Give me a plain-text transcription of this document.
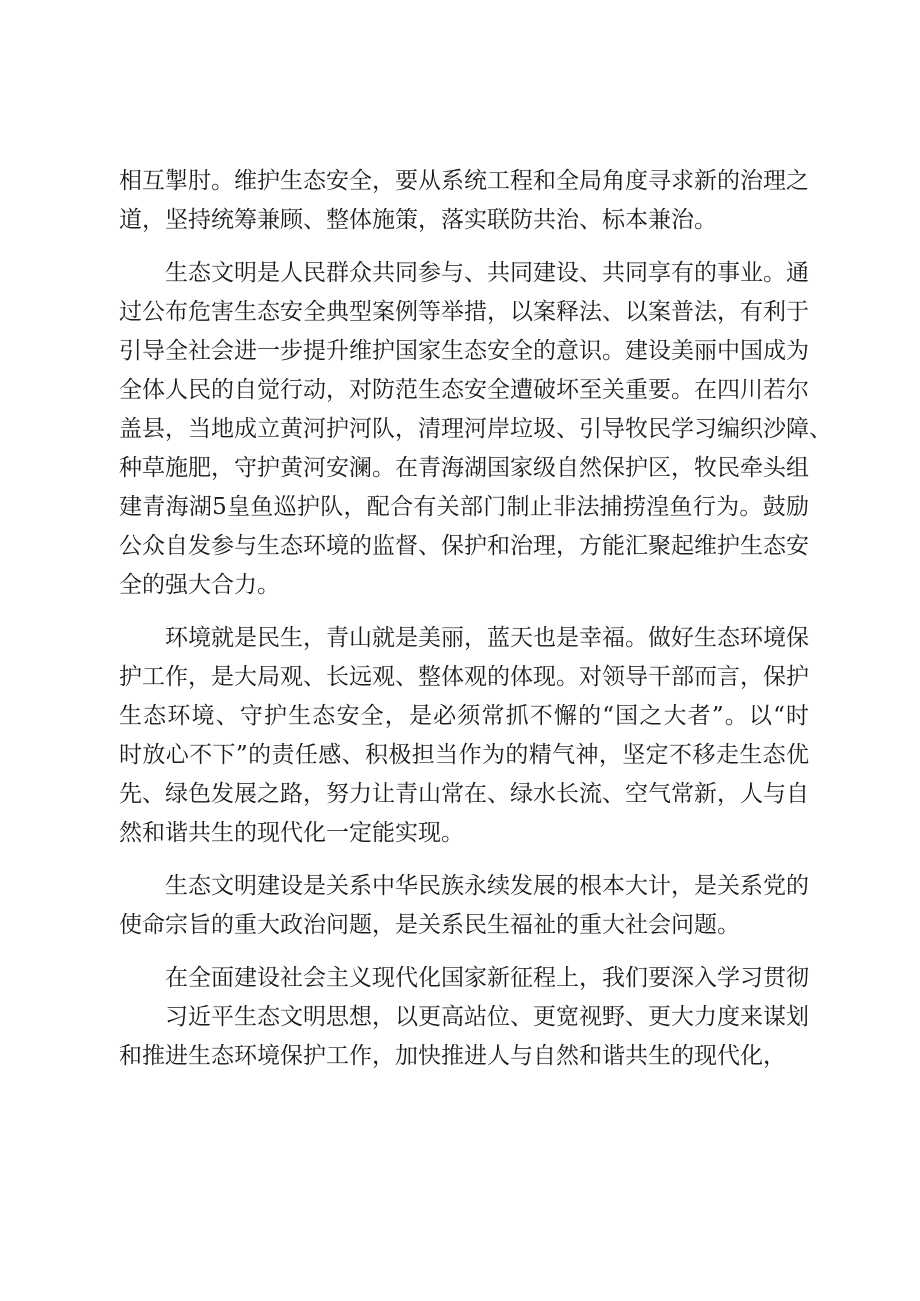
相互掣肘。维护生态安全，要从系统工程和全局角度寻求新的治理之
道，坚持统筹兼顾、整体施策，落实联防共治、标本兼治。
生态文明是人民群众共同参与、共同建设、共同享有的事业。通
过公布危害生态安全典型案例等举措，以案释法、以案普法，有利于
引导全社会进一步提升维护国家生态安全的意识。建设美丽中国成为
全体人民的自觉行动，对防范生态安全遭破坏至关重要。在四川若尔
盖县，当地成立黄河护河队，清理河岸垃圾、引导牧民学习编织沙障、
种草施肥，守护黄河安澜。在青海湖国家级自然保护区，牧民牵头组
建青海湖5皇鱼巡护队，配合有关部门制止非法捕捞湟鱼行为。鼓励
公众自发参与生态环境的监督、保护和治理，方能汇聚起维护生态安
全的强大合力。
环境就是民生，青山就是美丽，蓝天也是幸福。做好生态环境保
护工作，是大局观、长远观、整体观的体现。对领导干部而言，保护
生态环境、守护生态安全，是必须常抓不懈的“国之大者”。以“时
时放心不下”的责任感、积极担当作为的精气神，坚定不移走生态优
先、绿色发展之路，努力让青山常在、绿水长流、空气常新，人与自
然和谐共生的现代化一定能实现。
生态文明建设是关系中华民族永续发展的根本大计，是关系党的
使命宗旨的重大政治问题，是关系民生福祉的重大社会问题。
在全面建设社会主义现代化国家新征程上，我们要深入学习贯彻
习近平生态文明思想，以更高站位、更宽视野、更大力度来谋划
和推进生态环境保护工作，加快推进人与自然和谐共生的现代化，
